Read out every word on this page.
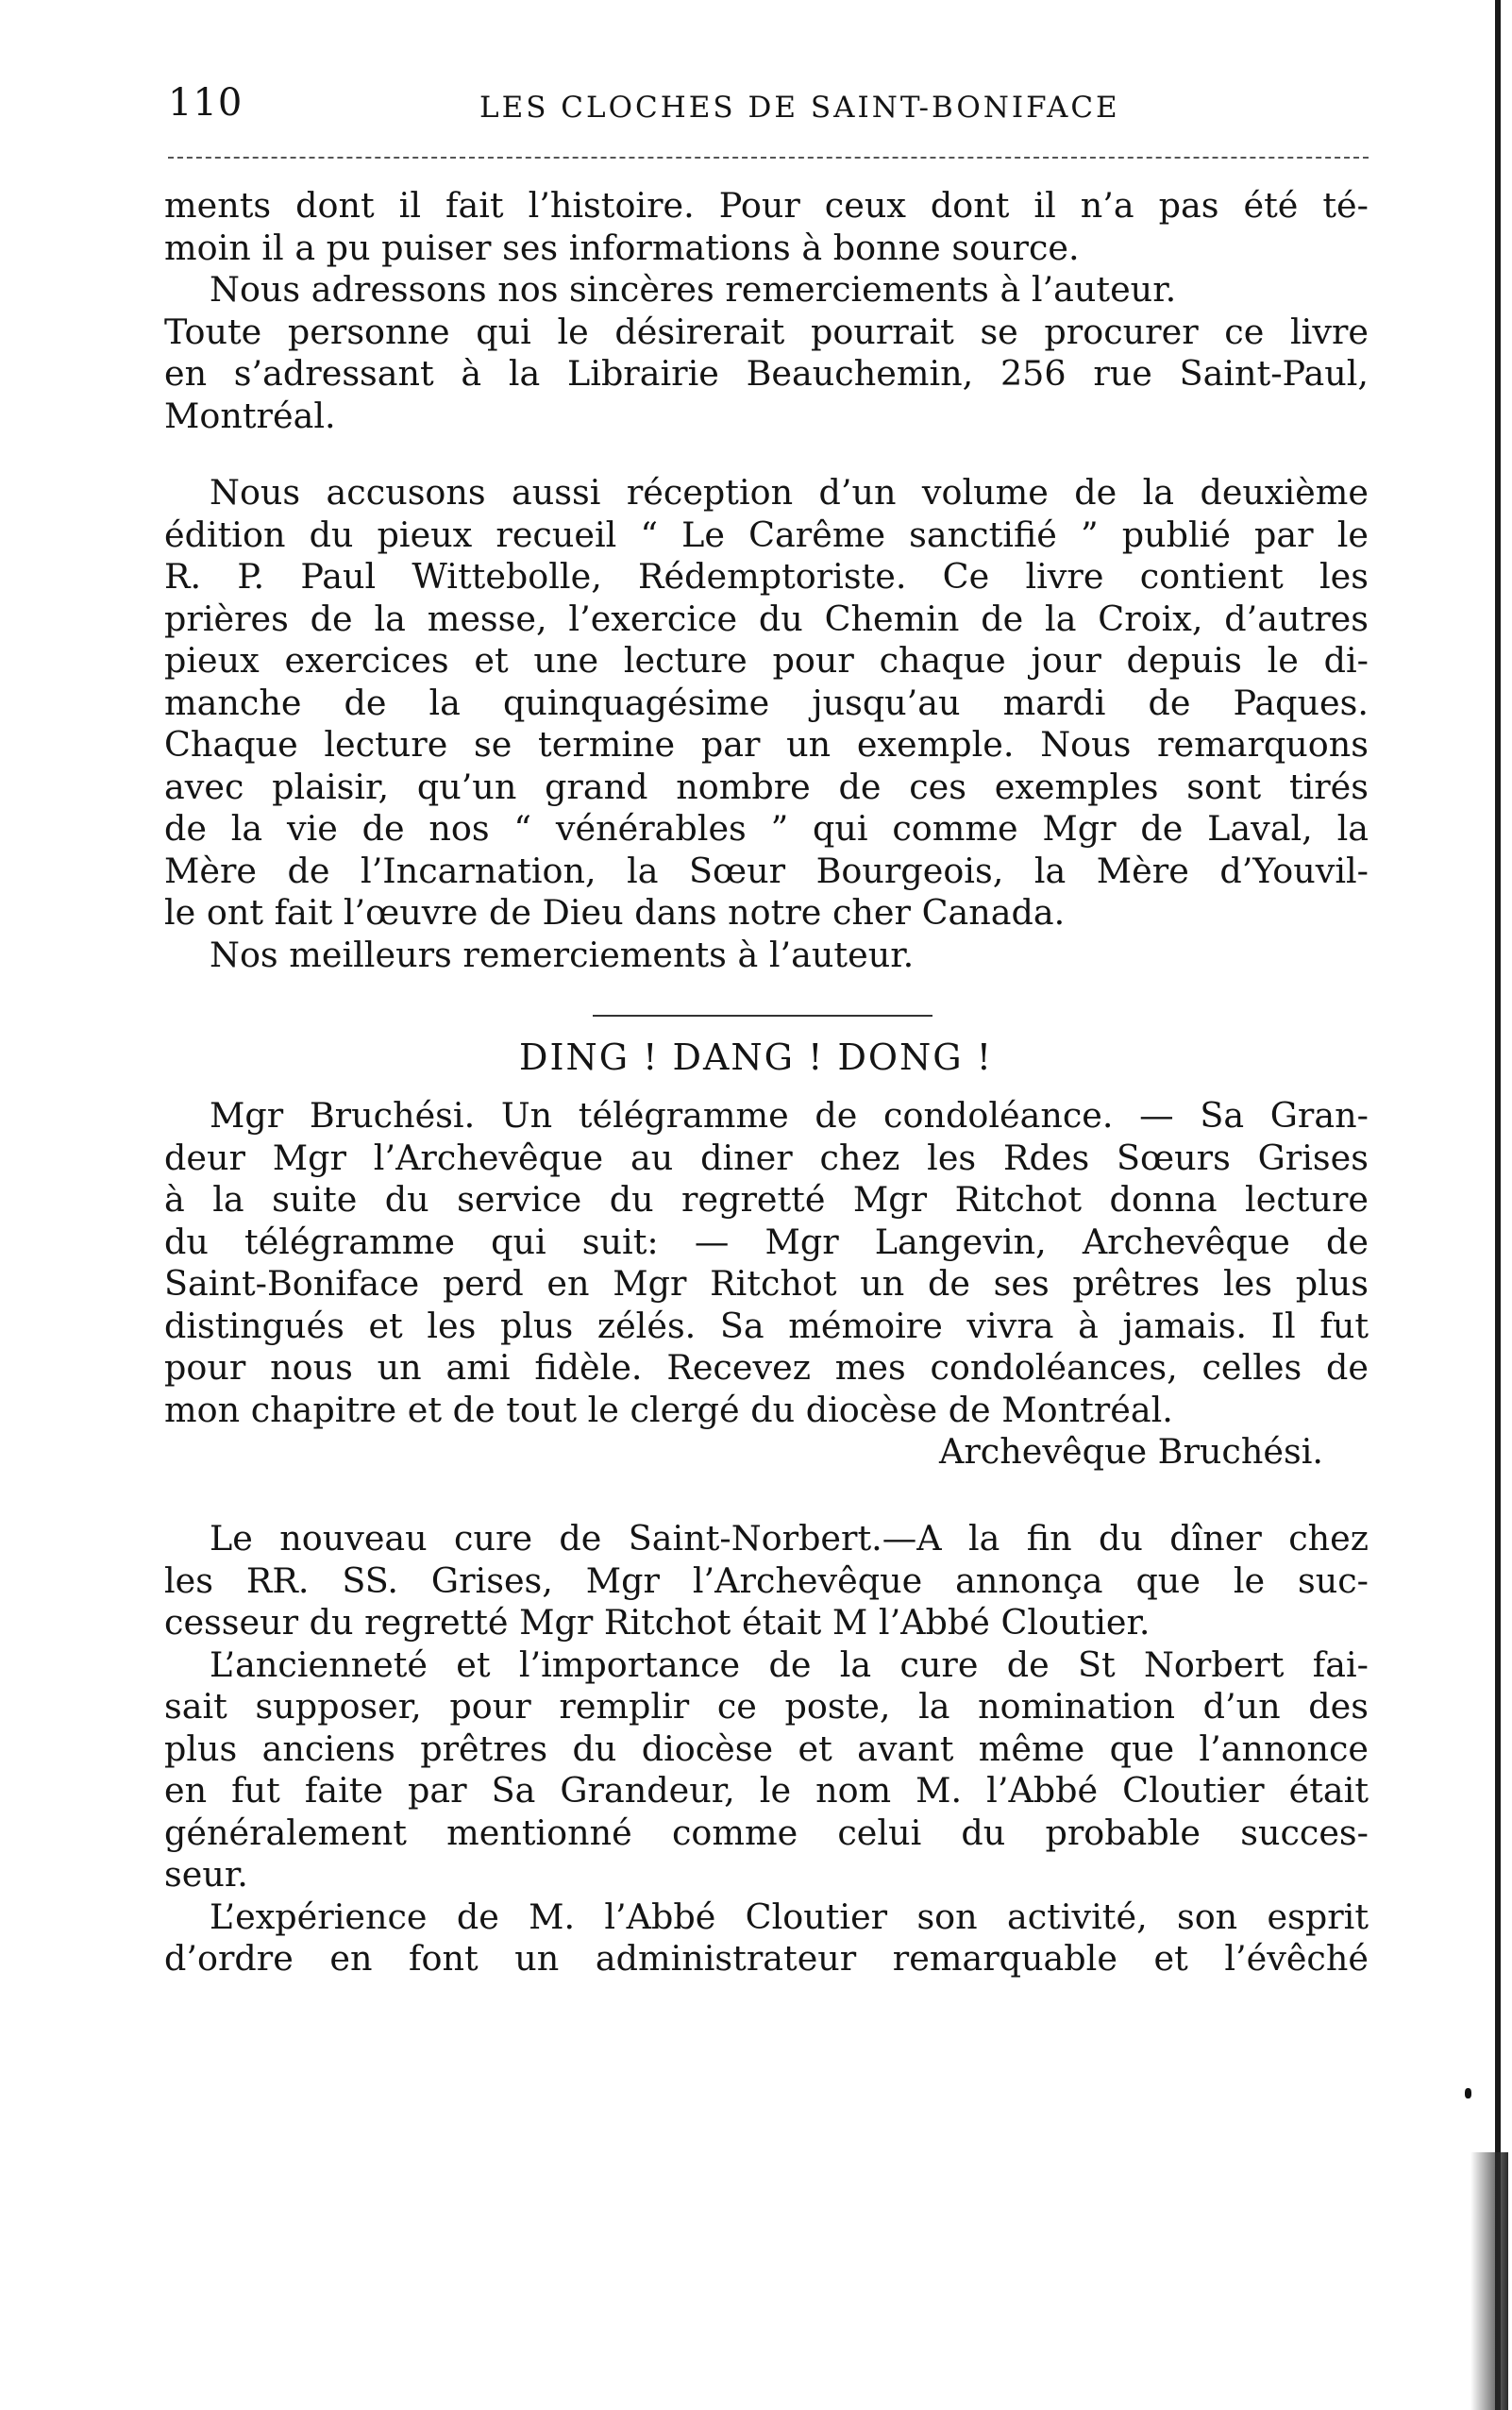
110	LES CLOCHES DE SAINT-BONIFACE
ments dont il fait l’histoire. Pour ceux dont il n’a pas été té-
moin il a pu puiser ses informations à bonne source.
Nous adressons nos sincères remerciements à l’auteur.
Toute personne qui le désirerait pourrait se procurer ce livre
en s’adressant à la Librairie Beauchemin, 256 rue Saint-Paul,
Montréal.
Nous accusons aussi réception d’un volume de la deuxième
édition du pieux recueil “ Le Carême sanctifié ” publié par le
R. P. Paul Wittebolle, Rédemptoriste. Ce livre contient les
prières de la messe, l’exercice du Chemin de la Croix, d’autres
pieux exercices et une lecture pour chaque jour depuis le di-
manche de la quinquagésime jusqu’au mardi de Paques.
Chaque lecture se termine par un exemple. Nous remarquons
avec plaisir, qu’un grand nombre de ces exemples sont tirés
de la vie de nos “ vénérables ” qui comme Mgr de Laval, la
Mère de l’Incarnation, la Sœur Bourgeois, la Mère d’Youvil-
le ont fait l’œuvre de Dieu dans notre cher Canada.
Nos meilleurs remerciements à l’auteur.
DING ! DANG ! DONG !
Mgr Bruchési. Un télégramme de condoléance. — Sa Gran-
deur Mgr l’Archevêque au diner chez les Rdes Sœurs Grises
à la suite du service du regretté Mgr Ritchot donna lecture
du télégramme qui suit: — Mgr Langevin, Archevêque de
Saint-Boniface perd en Mgr Ritchot un de ses prêtres les plus
distingués et les plus zélés. Sa mémoire vivra à jamais. Il fut
pour nous un ami fidèle. Recevez mes condoléances, celles de
mon chapitre et de tout le clergé du diocèse de Montréal.
Archevêque Bruchési.
Le nouveau cure de Saint-Norbert.—A la fin du dîner chez
les RR. SS. Grises, Mgr l’Archevêque annonça que le suc-
cesseur du regretté Mgr Ritchot était M l’Abbé Cloutier.
L’ancienneté et l’importance de la cure de St Norbert fai-
sait supposer, pour remplir ce poste, la nomination d’un des
plus anciens prêtres du diocèse et avant même que l’annonce
en fut faite par Sa Grandeur, le nom M. l’Abbé Cloutier était
généralement mentionné comme celui du probable succes-
seur.
L’expérience de M. l’Abbé Cloutier son activité, son esprit
d’ordre en font un administrateur remarquable et l’évêché
